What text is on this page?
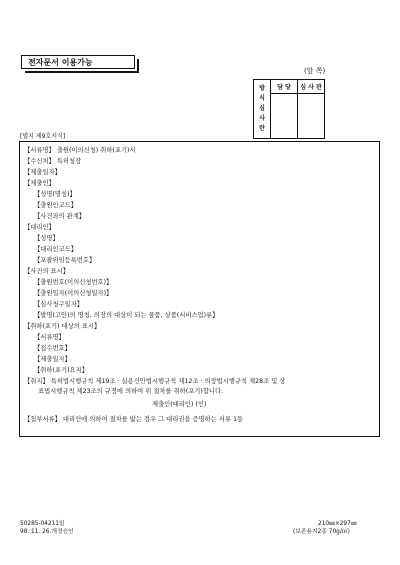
전자문서 이용가능
(앞 쪽)
방
식
심
사
란	담 당	심 사 관

[별지 제9호서식]
【서류명】 출원(이의신청) 취하(포기)서
【수신처】 특허청장
【제출일자】
【제출인】
【성명(명칭)】
【출원인코드】
【사건과의 관계】
【대리인】
【성명】
【대리인코드】
【포괄위임등록번호】
【사건의 표시】
【출원번호(이의신청번호)】
【출원일자(이의신청일자)】
【심사청구일자】
【발명(고안)의 명칭, 의장의 대상이 되는 물품, 상품(서비스업)류】
【취하(포기) 대상의 표시】
【서류명】
【접수번호】
【제출일자】
【취하(포기)요지】
【취지】 특허법시행규칙 제19조 · 실용신안법시행규칙 제12조 · 의장법시행규칙 제28조 및 상
표법시행규칙 제23조의 규정에 의하여 위 절차를 취하(포기)합니다.
제출인(대리인) (인)
【첨부서류】 대리인에 의하여 절차를 밟는 경우 그 대리권을 증명하는 서류 1통
50285-04211일
98. 11. 26.개정승인
210㎜×297㎜
(보존용지2종 70g/㎡)
